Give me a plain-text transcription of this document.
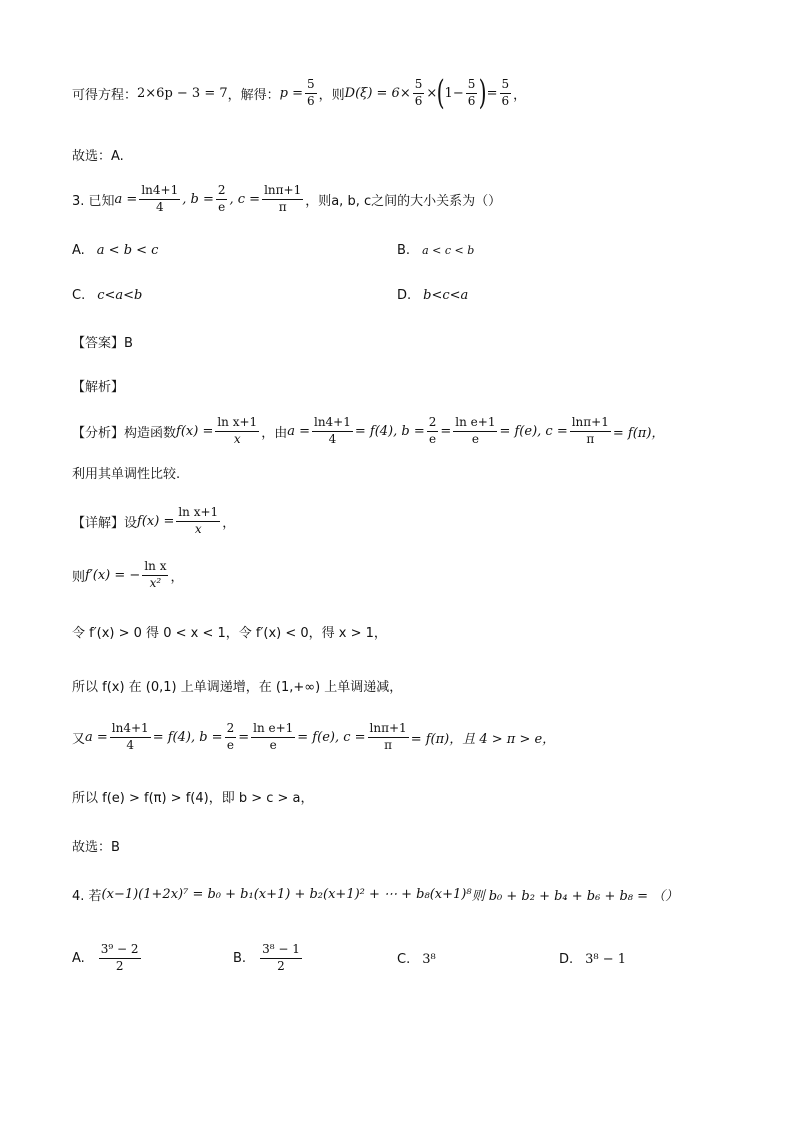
可得方程： 2×6p − 3 = 7 ，解得： $p = \frac{5}{6}$ ，则 $D(\xi) = 6\times \frac{5}{6}$ × ( $1- \frac{5}{6}$ ) = $\frac{5}{6}$ ，
故选：A.
3. 已知 $a = \frac{\ln 4+1}{4}$ , $b = \frac{2}{e}$ , $c = \frac{\ln\pi+1}{\pi}$ ，则a, b, c之间的大小关系为（）
A. a < b < c	B. a < c < b
C. c<a<b	D. b<c<a
【答案】B
【解析】
【分析】 构造函数 $f(x) = \frac{\text{ln x+1}}{x}$ ，由 $a = \frac{\ln 4+1}{4} = f(4)$, $b = \frac{2}{e} = \frac{\text{ln e+1}}{e} = f(e)$, $c = \frac{\ln\pi+1}{\pi} = f(\pi)$，
利用其单调性比较.
【详解】 设 $f(x) = \frac{\text{ln x+1}}{x}$ ，
则 f′(x) = − $\frac{\text{ln x}}{\text{x²}}$ ，
令 f′(x) > 0 得 0 < x < 1，令 f′(x) < 0，得 x > 1，
所以 f(x) 在 (0,1) 上单调递增，在 (1,+∞) 上单调递减，
又 $a = \frac{\ln 4+1}{4} = f(4)$, $b = \frac{2}{e} = \frac{\text{ln e+1}}{e} = f(e)$, $c = \frac{\ln\pi+1}{\pi} = f(\pi)$，且 4 > π > e，
所以 f(e) > f(π) > f(4)，即 b > c > a，
故选：B
4. 若 (x−1)(1+2x)⁷ = b₀ + b₁(x+1) + b₂(x+1)² + ⋯ + b₈(x+1)⁸ 则 b₀ + b₂ + b₄ + b₆ + b₈ = （）
A. $\frac{\text{3⁹ − 2}}{2}$	B. $\frac{\text{3⁸ − 1}}{2}$	C. 3⁸	D. 3⁸ − 1
